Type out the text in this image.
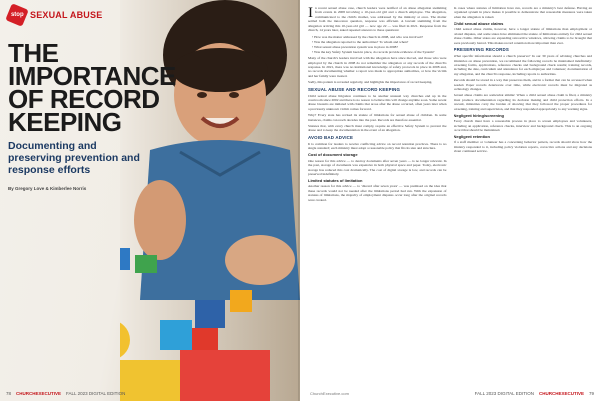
stop SEXUAL ABUSE
THE
IMPORTANCE
OF RECORD
KEEPING
Documenting and preserving prevention and response efforts
By Gregory Love & Kimberlee Norris
78 CHURCHEXECUTIVE FALL 2023 DIGITAL EDITION

In recent sexual abuse case, church leaders were notified of an abuse allegation stemming from events in 2008 involving a 10-year-old girl and a church employee. The allegation, communicated to the child's mother, was addressed by the ministry at once. The matter settled both the innocence question, response was efficient. A lawsuit stemming from the allegation arriving this 10-year-old girl — now age 22 — was filed in 2021. Response from the church, 14 years later, asked repeated answers to these questions:

• How was the matter addressed by the church in 2008, and who was involved?
• Was the allegation reported to the authorities? To whom and when?
• What sexual abuse prevention system was in place in 2008?
• Was the key Safety System been in place, do records provide evidence of the System?

Many of the church's leaders involved with the allegation have since moved, and those who were employed by the church in 2008 do not remember the allegation or any records of the church's response. In 2021, there was no institutional knowledge of safety protocols in place in 2008 and, no records documenting whether a report was made to appropriate authorities, or how the victim and her family were treated.

Sadly, this pattern is revealed regularly, and highlights the importance of record keeping.

SEXUAL ABUSE AND RECORD KEEPING

Child sexual abuse litigation continues to be another unusual way churches end up in the courtroom since 2002 and there is no reason to believe this will change anytime soon. Some recent abuse lawsuits are initiated with claims that arose after the abuse occurred, often years later when a previously unknown victim comes forward.

Why? Every state has revised its statute of limitations for sexual abuse of children. In some instances, claims can reach decades into the past. Records are therefore essential.

Statutes that, with every church must comply, require an effective Safety System to prevent the abuse and to keep the documentation in the event of an allegation.

AVOID BAD ADVICE

It is common for leaders to receive conflicting advice on record retention practices. There is no single standard; each ministry must adopt a reasonable policy that fits its size and structure.

Cost of document storage

One reason for this advice — to destroy documents after seven years — is no longer relevant. In the past, storage of documents was expensive in both physical space and paper. Today, electronic storage has reduced this cost dramatically. The cost of digital storage is low, and records can be preserved indefinitely.

Limited statutes of limitation

Another reason for this advice — to 'discard after seven years' — was premised on the idea that these records would not be needed after the limitations period had run. With the expansion of statutes of limitations, the majority of employment disputes occur long after the original records were created.

In cases where statutes of limitation have run, records are a ministry's best defense. Having an organized system in place makes it possible to demonstrate that reasonable measures were taken when the allegation is raised.

Child sexual abuse claims

Child sexual abuse claims, however, have a longer statute of limitations than employment or related disputes, and some states have eliminated the statute of limitations entirely for child sexual abuse claims. Other states are expanding retroactive windows, allowing claims to be brought that were previously barred. This makes record retention more important than ever.

PRESERVING RECORDS

What specific information should a church preserve? In our 30 years of advising churches and ministries on abuse prevention, we recommend the following records be maintained indefinitely: screening forms, applications, reference checks and background check results; training records, including the date, curriculum and attendance for each employee and volunteer; documentation of any allegation, and the church's response, including reports to authorities.

Records should be stored in a way that preserves them, and in a format that can be accessed when needed. Paper records deteriorate over time, while electronic records must be migrated as technology changes.

Sexual abuse claims are somewhat similar: When a child sexual abuse claim is filed, a ministry must produce documentation regarding its decision making and child protection efforts. In a lawsuit, ministries carry the burden of showing that they followed the proper procedures for screening, training and supervision, and that they responded appropriately to any warning signs.

Negligent hiring/screening

Every church must have a reasonable process in place to screen employees and volunteers, including an application, reference checks, interview and background check. This is an ongoing record that should be maintained.

Negligent retention

If a staff member or volunteer has a concerning behavior pattern, records should show how the ministry responded to it, including policy violation reports, corrective actions and any decisions about continued service.

ChurchExecutive.com	FALL 2023 DIGITAL EDITION CHURCHEXECUTIVE 79
